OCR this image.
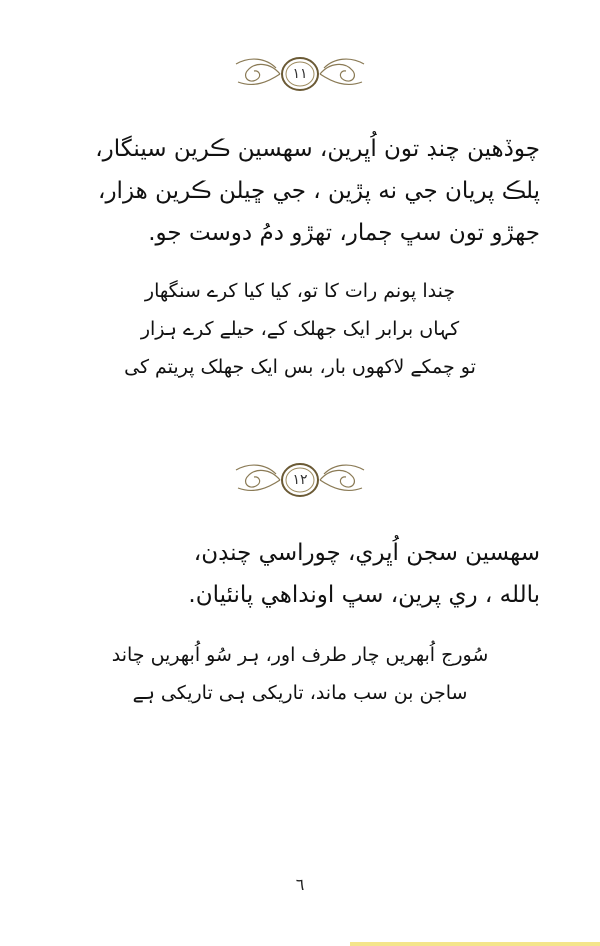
١١
چوڏهين چنڊ تون اُڀرين، سهسين ڪرين سينگار،
پلڪ پريان جي نه پڙين ، جي ڇيلن ڪرين هزار،
جهڙو تون سڀ ڄمار، تهڙو دمُ دوست جو.
چندا پونم رات کا تو، کیا کیا کرے سنگھار
کہاں برابر ایک جھلک کے، حیلے کرے ہزار
تو چمکے لاکھوں بار، بس ایک جھلک پریتم کی
١٢
سهسين سجن اُڀري، چوراسي چنڊن،
بالله ، ري پرين، سڀ اونداهي پانئيان.
سُورج اُبھریں چار طرف اور، ہر سُو اُبھریں چاند
ساجن بن سب ماند، تاریکی ہی تاریکی ہے
٦
